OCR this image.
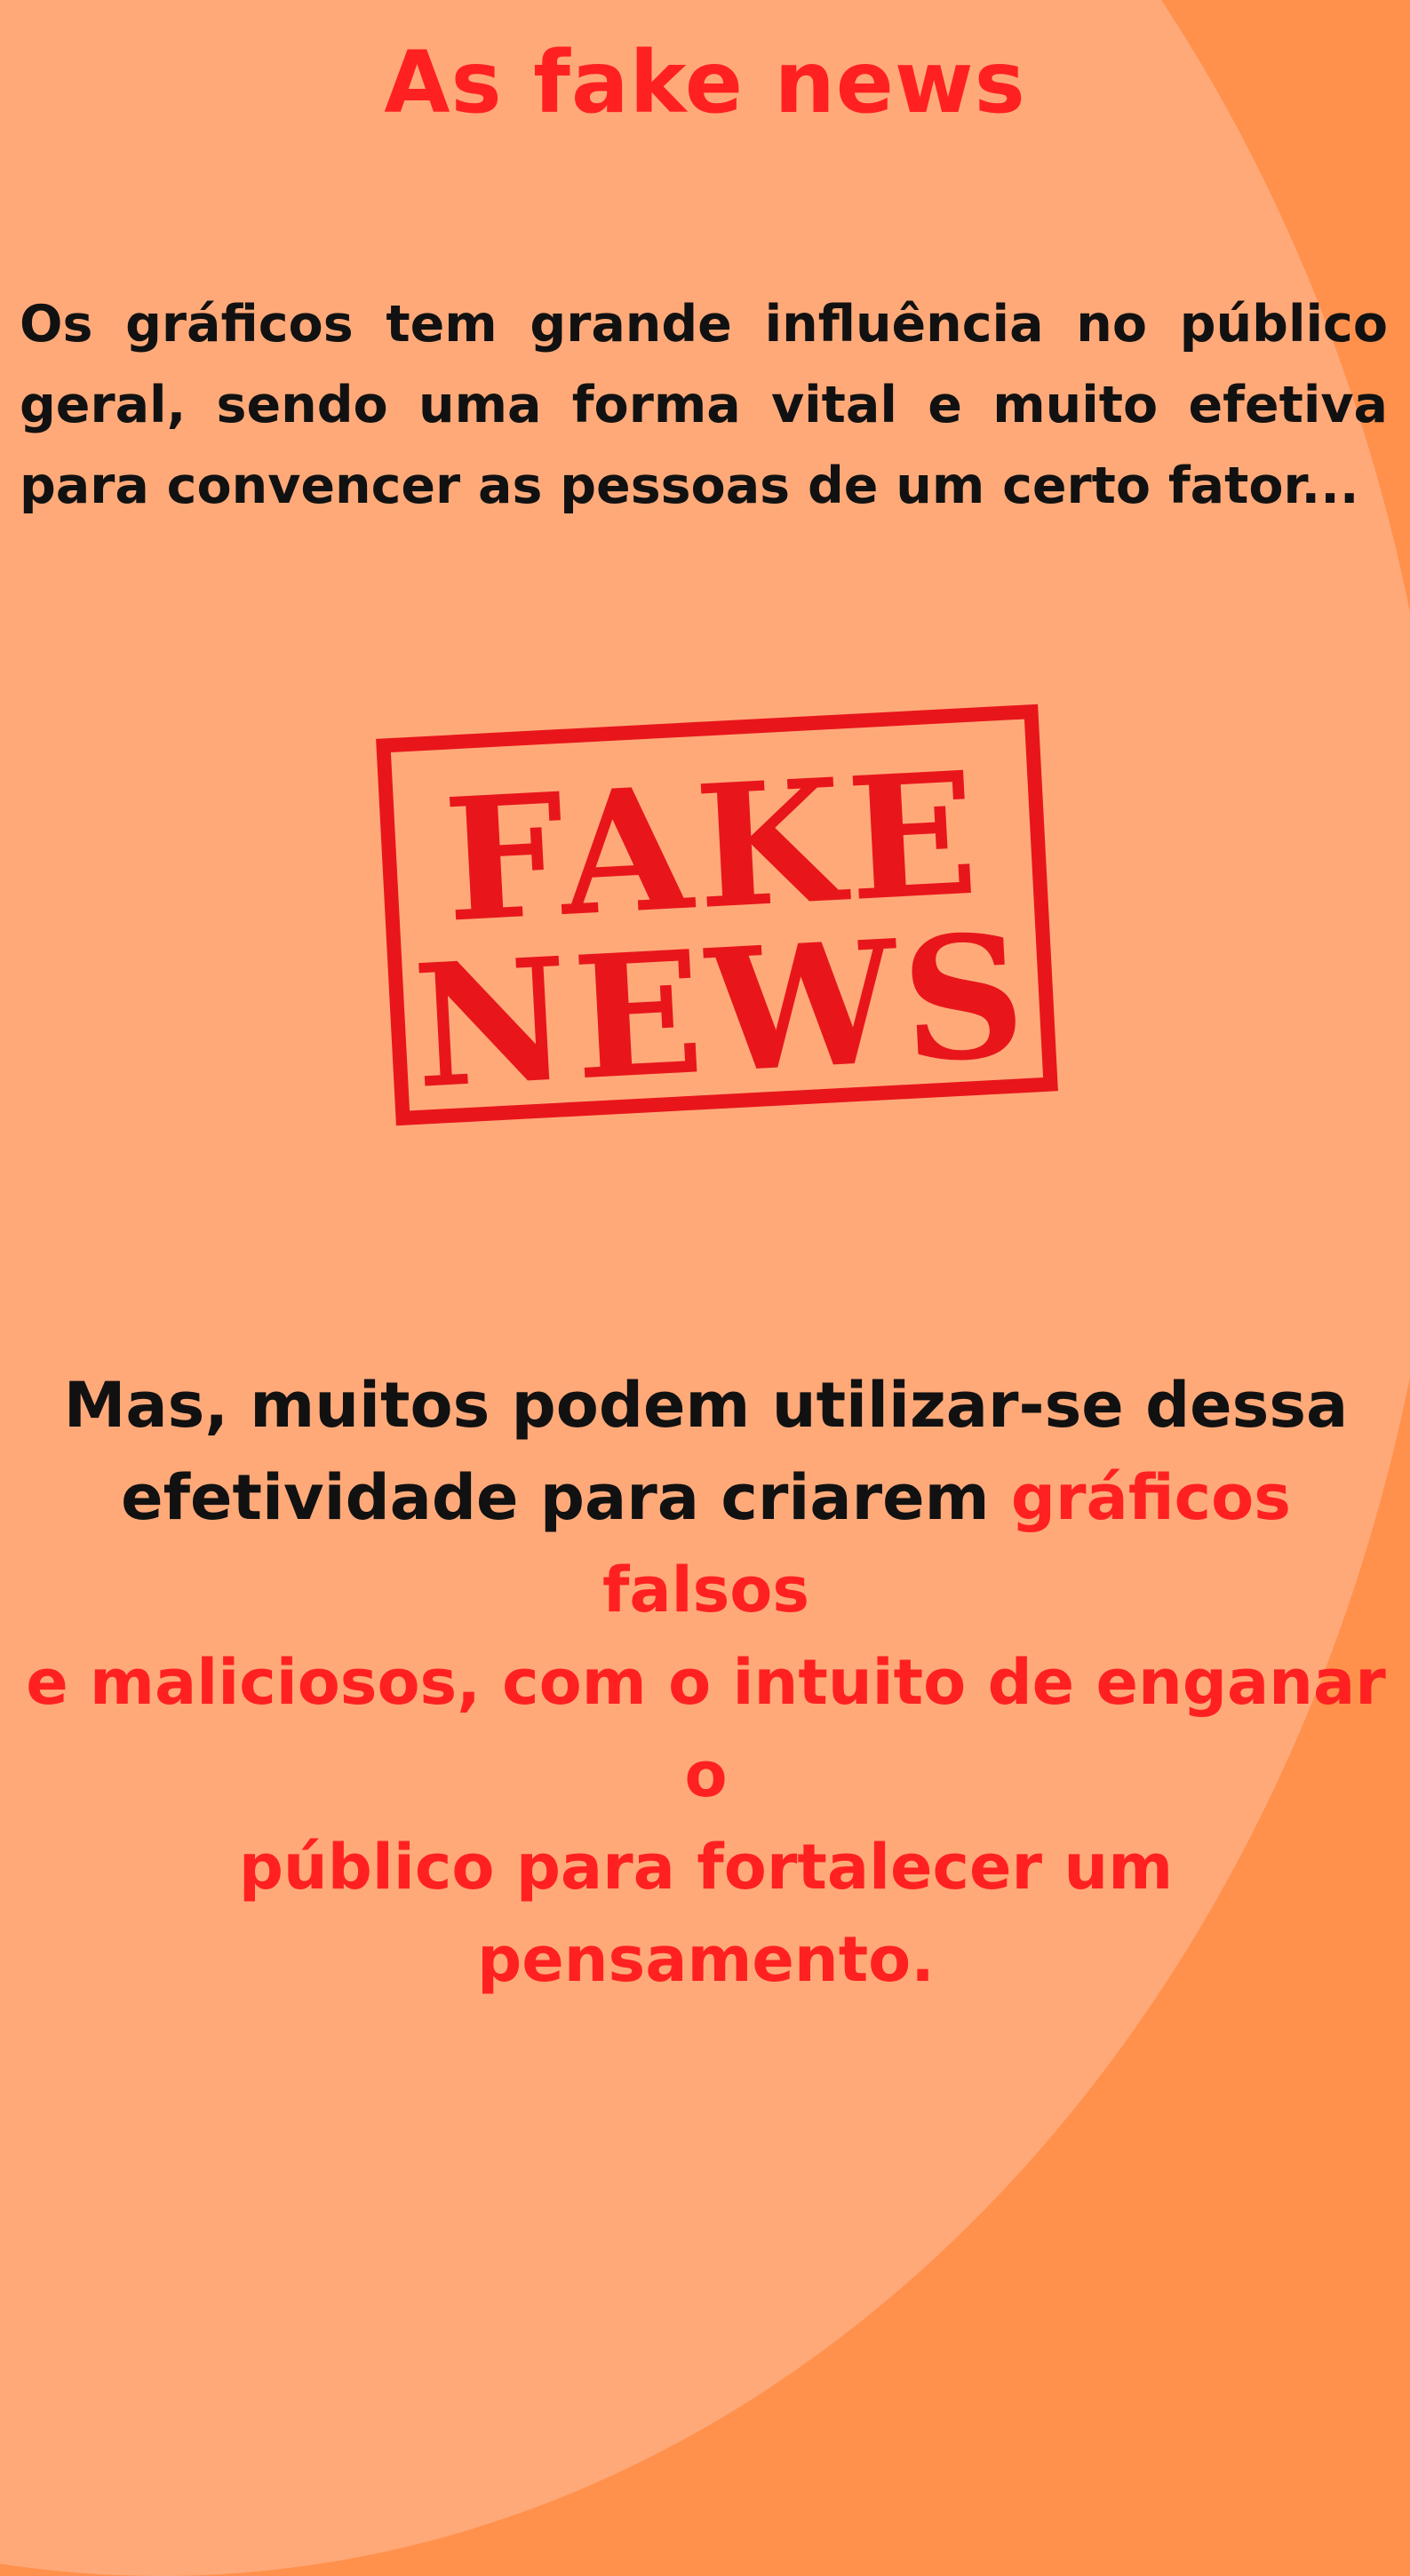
As fake news

Os gráficos tem grande influência no público geral, sendo uma forma vital e muito efetiva para convencer as pessoas de um certo fator...

FAKE
NEWS

Mas, muitos podem utilizar-se dessa
efetividade para criarem gráficos falsos
e maliciosos, com o intuito de enganar o
público para fortalecer um pensamento.
